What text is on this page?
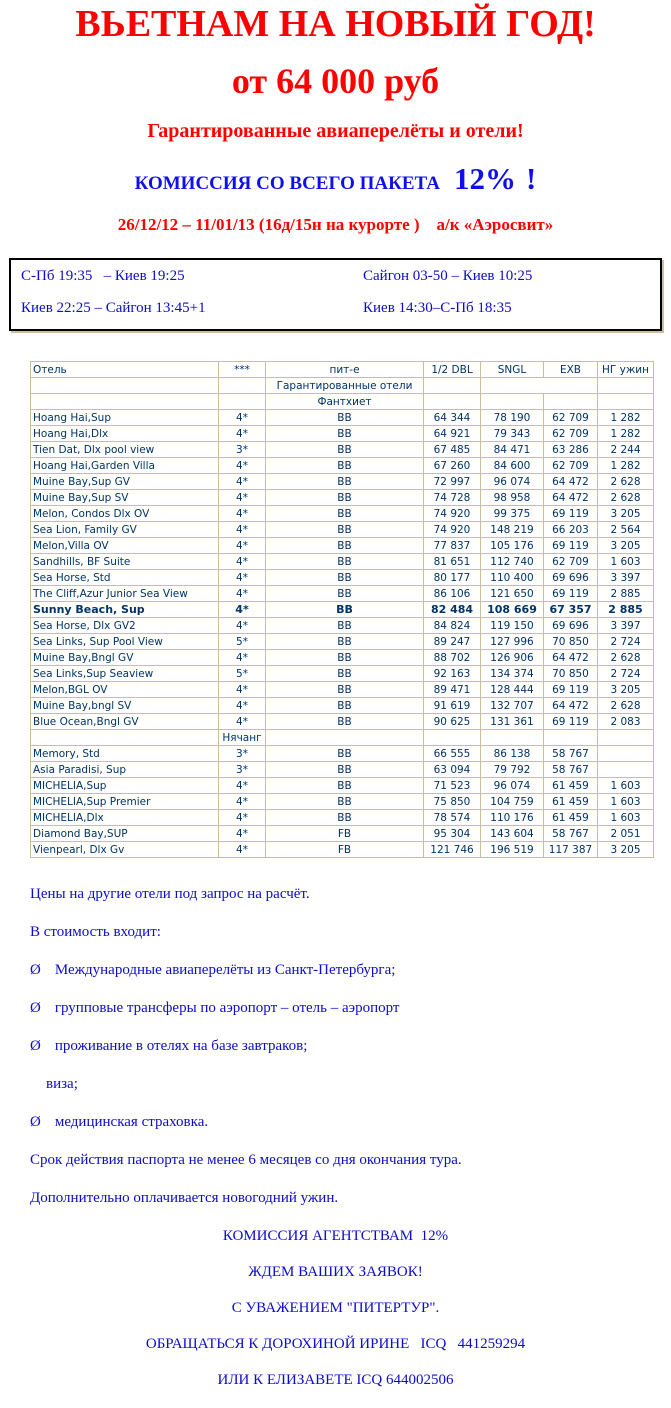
ВЬЕТНАМ НА НОВЫЙ ГОД!
от 64 000 руб
Гарантированные авиаперелёты и отели!
КОМИССИЯ СО ВСЕГО ПАКЕТА 12% !
26/12/12 – 11/01/13 (16д/15н на курорте )    а/к «Аэросвит»
С-Пб 19:35   – Киев 19:25	Сайгон 03-50 – Киев 10:25
Киев 22:25 – Сайгон 13:45+1	Киев 14:30–С-Пб 18:35
Отель	***	пит-е	1/2 DBL	SNGL	EXB	НГ ужин
		Гарантированные отели				
		Фантхиет				
Hoang Hai,Sup	4*	BB	64 344	78 190	62 709	1 282
Hoang Hai,Dlx	4*	BB	64 921	79 343	62 709	1 282
Tien Dat, Dlx pool view	3*	BB	67 485	84 471	63 286	2 244
Hoang Hai,Garden Villa	4*	BB	67 260	84 600	62 709	1 282
Muine Bay,Sup GV	4*	BB	72 997	96 074	64 472	2 628
Muine Bay,Sup SV	4*	BB	74 728	98 958	64 472	2 628
Melon, Condos Dlx OV	4*	BB	74 920	99 375	69 119	3 205
Sea Lion, Family GV	4*	BB	74 920	148 219	66 203	2 564
Melon,Villa OV	4*	BB	77 837	105 176	69 119	3 205
Sandhills, BF Suite	4*	BB	81 651	112 740	62 709	1 603
Sea Horse, Std	4*	BB	80 177	110 400	69 696	3 397
The Cliff,Azur Junior Sea View	4*	BB	86 106	121 650	69 119	2 885
Sunny Beach, Sup	4*	BB	82 484	108 669	67 357	2 885
Sea Horse, Dlx GV2	4*	BB	84 824	119 150	69 696	3 397
Sea Links, Sup Pool View	5*	BB	89 247	127 996	70 850	2 724
Muine Bay,Bngl GV	4*	BB	88 702	126 906	64 472	2 628
Sea Links,Sup Seaview	5*	BB	92 163	134 374	70 850	2 724
Melon,BGL OV	4*	BB	89 471	128 444	69 119	3 205
Muine Bay,bngl SV	4*	BB	91 619	132 707	64 472	2 628
Blue Ocean,Bngl GV	4*	BB	90 625	131 361	69 119	2 083
	Нячанг					
Memory, Std	3*	BB	66 555	86 138	58 767	
Asia Paradisi, Sup	3*	BB	63 094	79 792	58 767	
MICHELIA,Sup	4*	BB	71 523	96 074	61 459	1 603
MICHELIA,Sup Premier	4*	BB	75 850	104 759	61 459	1 603
MICHELIA,Dlx	4*	BB	78 574	110 176	61 459	1 603
Diamond Bay,SUP	4*	FB	95 304	143 604	58 767	2 051
Vienpearl, Dlx Gv	4*	FB	121 746	196 519	117 387	3 205
Цены на другие отели под запрос на расчёт.
В стоимость входит:
Ø Международные авиаперелёты из Санкт-Петербурга;
Ø групповые трансферы по аэропорт – отель – аэропорт
Ø проживание в отелях на базе завтраков;
виза;
Ø медицинская страховка.
Срок действия паспорта не менее 6 месяцев со дня окончания тура.
Дополнительно оплачивается новогодний ужин.
КОМИССИЯ АГЕНТСТВАМ  12%
ЖДЕМ ВАШИХ ЗАЯВОК!
С УВАЖЕНИЕМ "ПИТЕРТУР".
ОБРАЩАТЬСЯ К ДОРОХИНОЙ ИРИНЕ   ICQ   441259294
ИЛИ К ЕЛИЗАВЕТЕ ICQ 644002506
